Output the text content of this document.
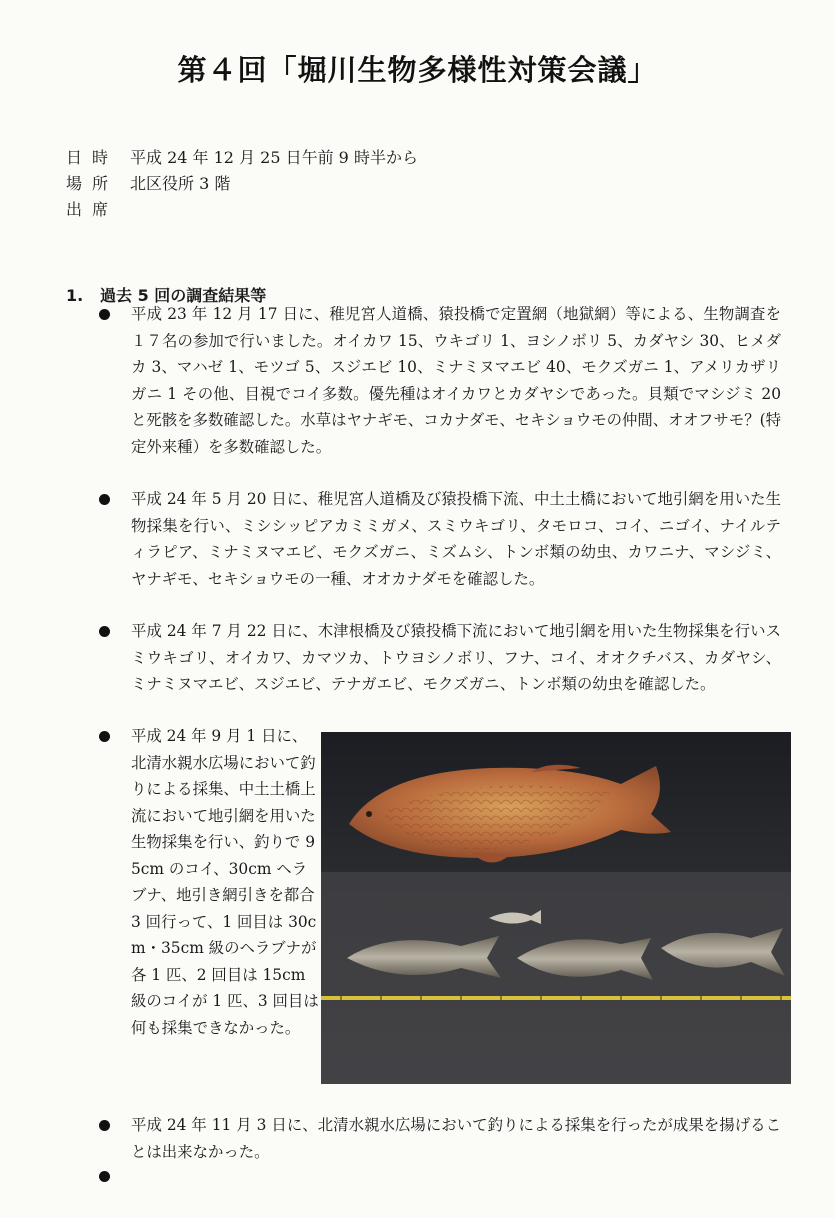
第４回「堀川生物多様性対策会議」
日時 平成 24 年 12 月 25 日午前 9 時半から
場所 北区役所 3 階
出席
1. 過去 5 回の調査結果等
平成 23 年 12 月 17 日に、稚児宮人道橋、猿投橋で定置網（地獄網）等による、生物調査を１７名の参加で行いました。オイカワ 15、ウキゴリ 1、ヨシノボリ 5、カダヤシ 30、ヒメダカ 3、マハゼ 1、モツゴ 5、スジエビ 10、ミナミヌマエビ 40、モクズガニ 1、アメリカザリガニ 1 その他、目視でコイ多数。優先種はオイカワとカダヤシであった。貝類でマシジミ 20 と死骸を多数確認した。水草はヤナギモ、コカナダモ、セキショウモの仲間、オオフサモ？(特定外来種）を多数確認した。
平成 24 年 5 月 20 日に、稚児宮人道橋及び猿投橋下流、中土土橋において地引網を用いた生物採集を行い、ミシシッピアカミミガメ、スミウキゴリ、タモロコ、コイ、ニゴイ、ナイルティラピア、ミナミヌマエビ、モクズガニ、ミズムシ、トンボ類の幼虫、カワニナ、マシジミ、ヤナギモ、セキショウモの一種、オオカナダモを確認した。
平成 24 年 7 月 22 日に、木津根橋及び猿投橋下流において地引網を用いた生物採集を行いスミウキゴリ、オイカワ、カマツカ、トウヨシノボリ、フナ、コイ、オオクチバス、カダヤシ、ミナミヌマエビ、スジエビ、テナガエビ、モクズガニ、トンボ類の幼虫を確認した。
平成 24 年 9 月 1 日に、北清水親水広場において釣りによる採集、中土土橋上流において地引網を用いた生物採集を行い、釣りで 95cm のコイ、30cm ヘラブナ、地引き網引きを都合 3 回行って、1 回目は 30cm・35cm 級のヘラブナが各 1 匹、2 回目は 15cm 級のコイが 1 匹、3 回目は何も採集できなかった。
平成 24 年 11 月 3 日に、北清水親水広場において釣りによる採集を行ったが成果を揚げることは出来なかった。
